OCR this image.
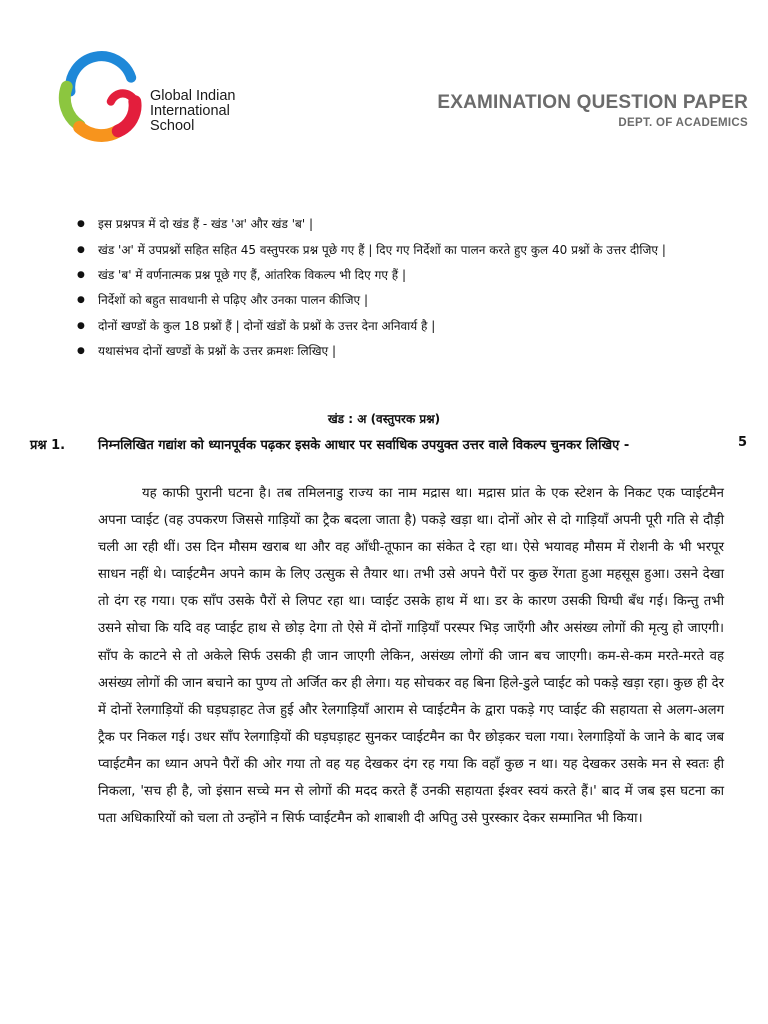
Global Indian
International
School
EXAMINATION QUESTION PAPER
DEPT. OF ACADEMICS
● इस प्रश्नपत्र में दो खंड हैं - खंड 'अ' और खंड 'ब' |
● खंड 'अ' में उपप्रश्नों सहित सहित 45 वस्तुपरक प्रश्न पूछे गए हैं | दिए गए निर्देशों का पालन करते हुए कुल 40 प्रश्नों के उत्तर दीजिए |
● खंड 'ब' में वर्णनात्मक प्रश्न पूछे गए हैं, आंतरिक विकल्प भी दिए गए हैं |
● निर्देशों को बहुत सावधानी से पढ़िए और उनका पालन कीजिए |
● दोनों खण्डों के कुल 18 प्रश्नों हैं | दोनों खंडों के प्रश्नों के उत्तर देना अनिवार्य है |
● यथासंभव दोनों खण्डों के प्रश्नों के उत्तर क्रमशः लिखिए |
खंड : अ (वस्तुपरक प्रश्न)
प्रश्न 1.	निम्नलिखित गद्यांश को ध्यानपूर्वक पढ़कर इसके आधार पर सर्वाधिक उपयुक्त उत्तर वाले विकल्प चुनकर लिखिए -	5

यह काफी पुरानी घटना है। तब तमिलनाडु राज्य का नाम मद्रास था। मद्रास प्रांत के एक स्टेशन के निकट एक प्वाईटमैन अपना प्वाईट (वह उपकरण जिससे गाड़ियों का ट्रैक बदला जाता है) पकड़े खड़ा था। दोनों ओर से दो गाड़ियाँ अपनी पूरी गति से दौड़ी चली आ रही थीं। उस दिन मौसम खराब था और वह आँधी-तूफान का संकेत दे रहा था। ऐसे भयावह मौसम में रोशनी के भी भरपूर साधन नहीं थे। प्वाईटमैन अपने काम के लिए उत्सुक से तैयार था। तभी उसे अपने पैरों पर कुछ रेंगता हुआ महसूस हुआ। उसने देखा तो दंग रह गया। एक साँप उसके पैरों से लिपट रहा था। प्वाईट उसके हाथ में था। डर के कारण उसकी घिग्घी बँध गई। किन्तु तभी उसने सोचा कि यदि वह प्वाईट हाथ से छोड़ देगा तो ऐसे में दोनों गाड़ियाँ परस्पर भिड़ जाएँगी और असंख्य लोगों की मृत्यु हो जाएगी। साँप के काटने से तो अकेले सिर्फ उसकी ही जान जाएगी लेकिन, असंख्य लोगों की जान बच जाएगी। कम-से-कम मरते-मरते वह असंख्य लोगों की जान बचाने का पुण्य तो अर्जित कर ही लेगा। यह सोचकर वह बिना हिले-डुले प्वाईट को पकड़े खड़ा रहा। कुछ ही देर में दोनों रेलगाड़ियों की घड़घड़ाहट तेज हुई और रेलगाड़ियाँ आराम से प्वाईटमैन के द्वारा पकड़े गए प्वाईट की सहायता से अलग-अलग ट्रैक पर निकल गई। उधर साँप रेलगाड़ियों की घड़घड़ाहट सुनकर प्वाईटमैन का पैर छोड़कर चला गया। रेलगाड़ियों के जाने के बाद जब प्वाईटमैन का ध्यान अपने पैरों की ओर गया तो वह यह देखकर दंग रह गया कि वहाँ कुछ न था। यह देखकर उसके मन से स्वतः ही निकला, 'सच ही है, जो इंसान सच्चे मन से लोगों की मदद करते हैं उनकी सहायता ईश्वर स्वयं करते हैं।' बाद में जब इस घटना का पता अधिकारियों को चला तो उन्होंने न सिर्फ प्वाईटमैन को शाबाशी दी अपितु उसे पुरस्कार देकर सम्मानित भी किया।
